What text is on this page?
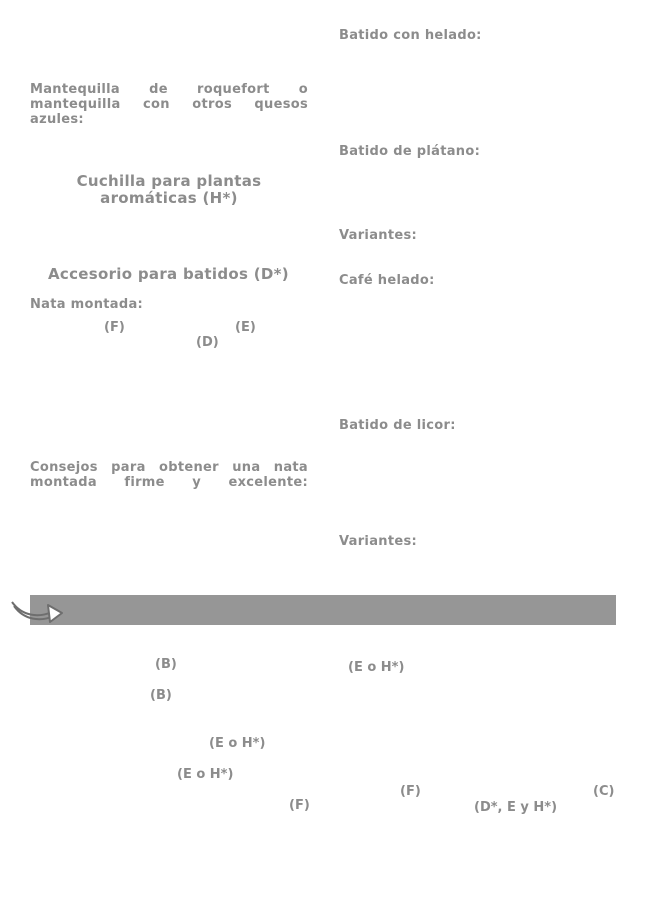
Mantequilla de roquefort o mantequilla con otros quesos azules:
Cuchilla para plantas aromáticas (H*)
Accesorio para batidos (D*)
Nata montada:
(F)	(E)
(D)
Consejos para obtener una nata montada firme y excelente:
Batido con helado:
Batido de plátano:
Variantes:
Café helado:
Batido de licor:
Variantes:
(B)
(B)
(E o H*)
(E o H*)
(F)
(E o H*)
(F)	(C)
(D*, E y H*)
